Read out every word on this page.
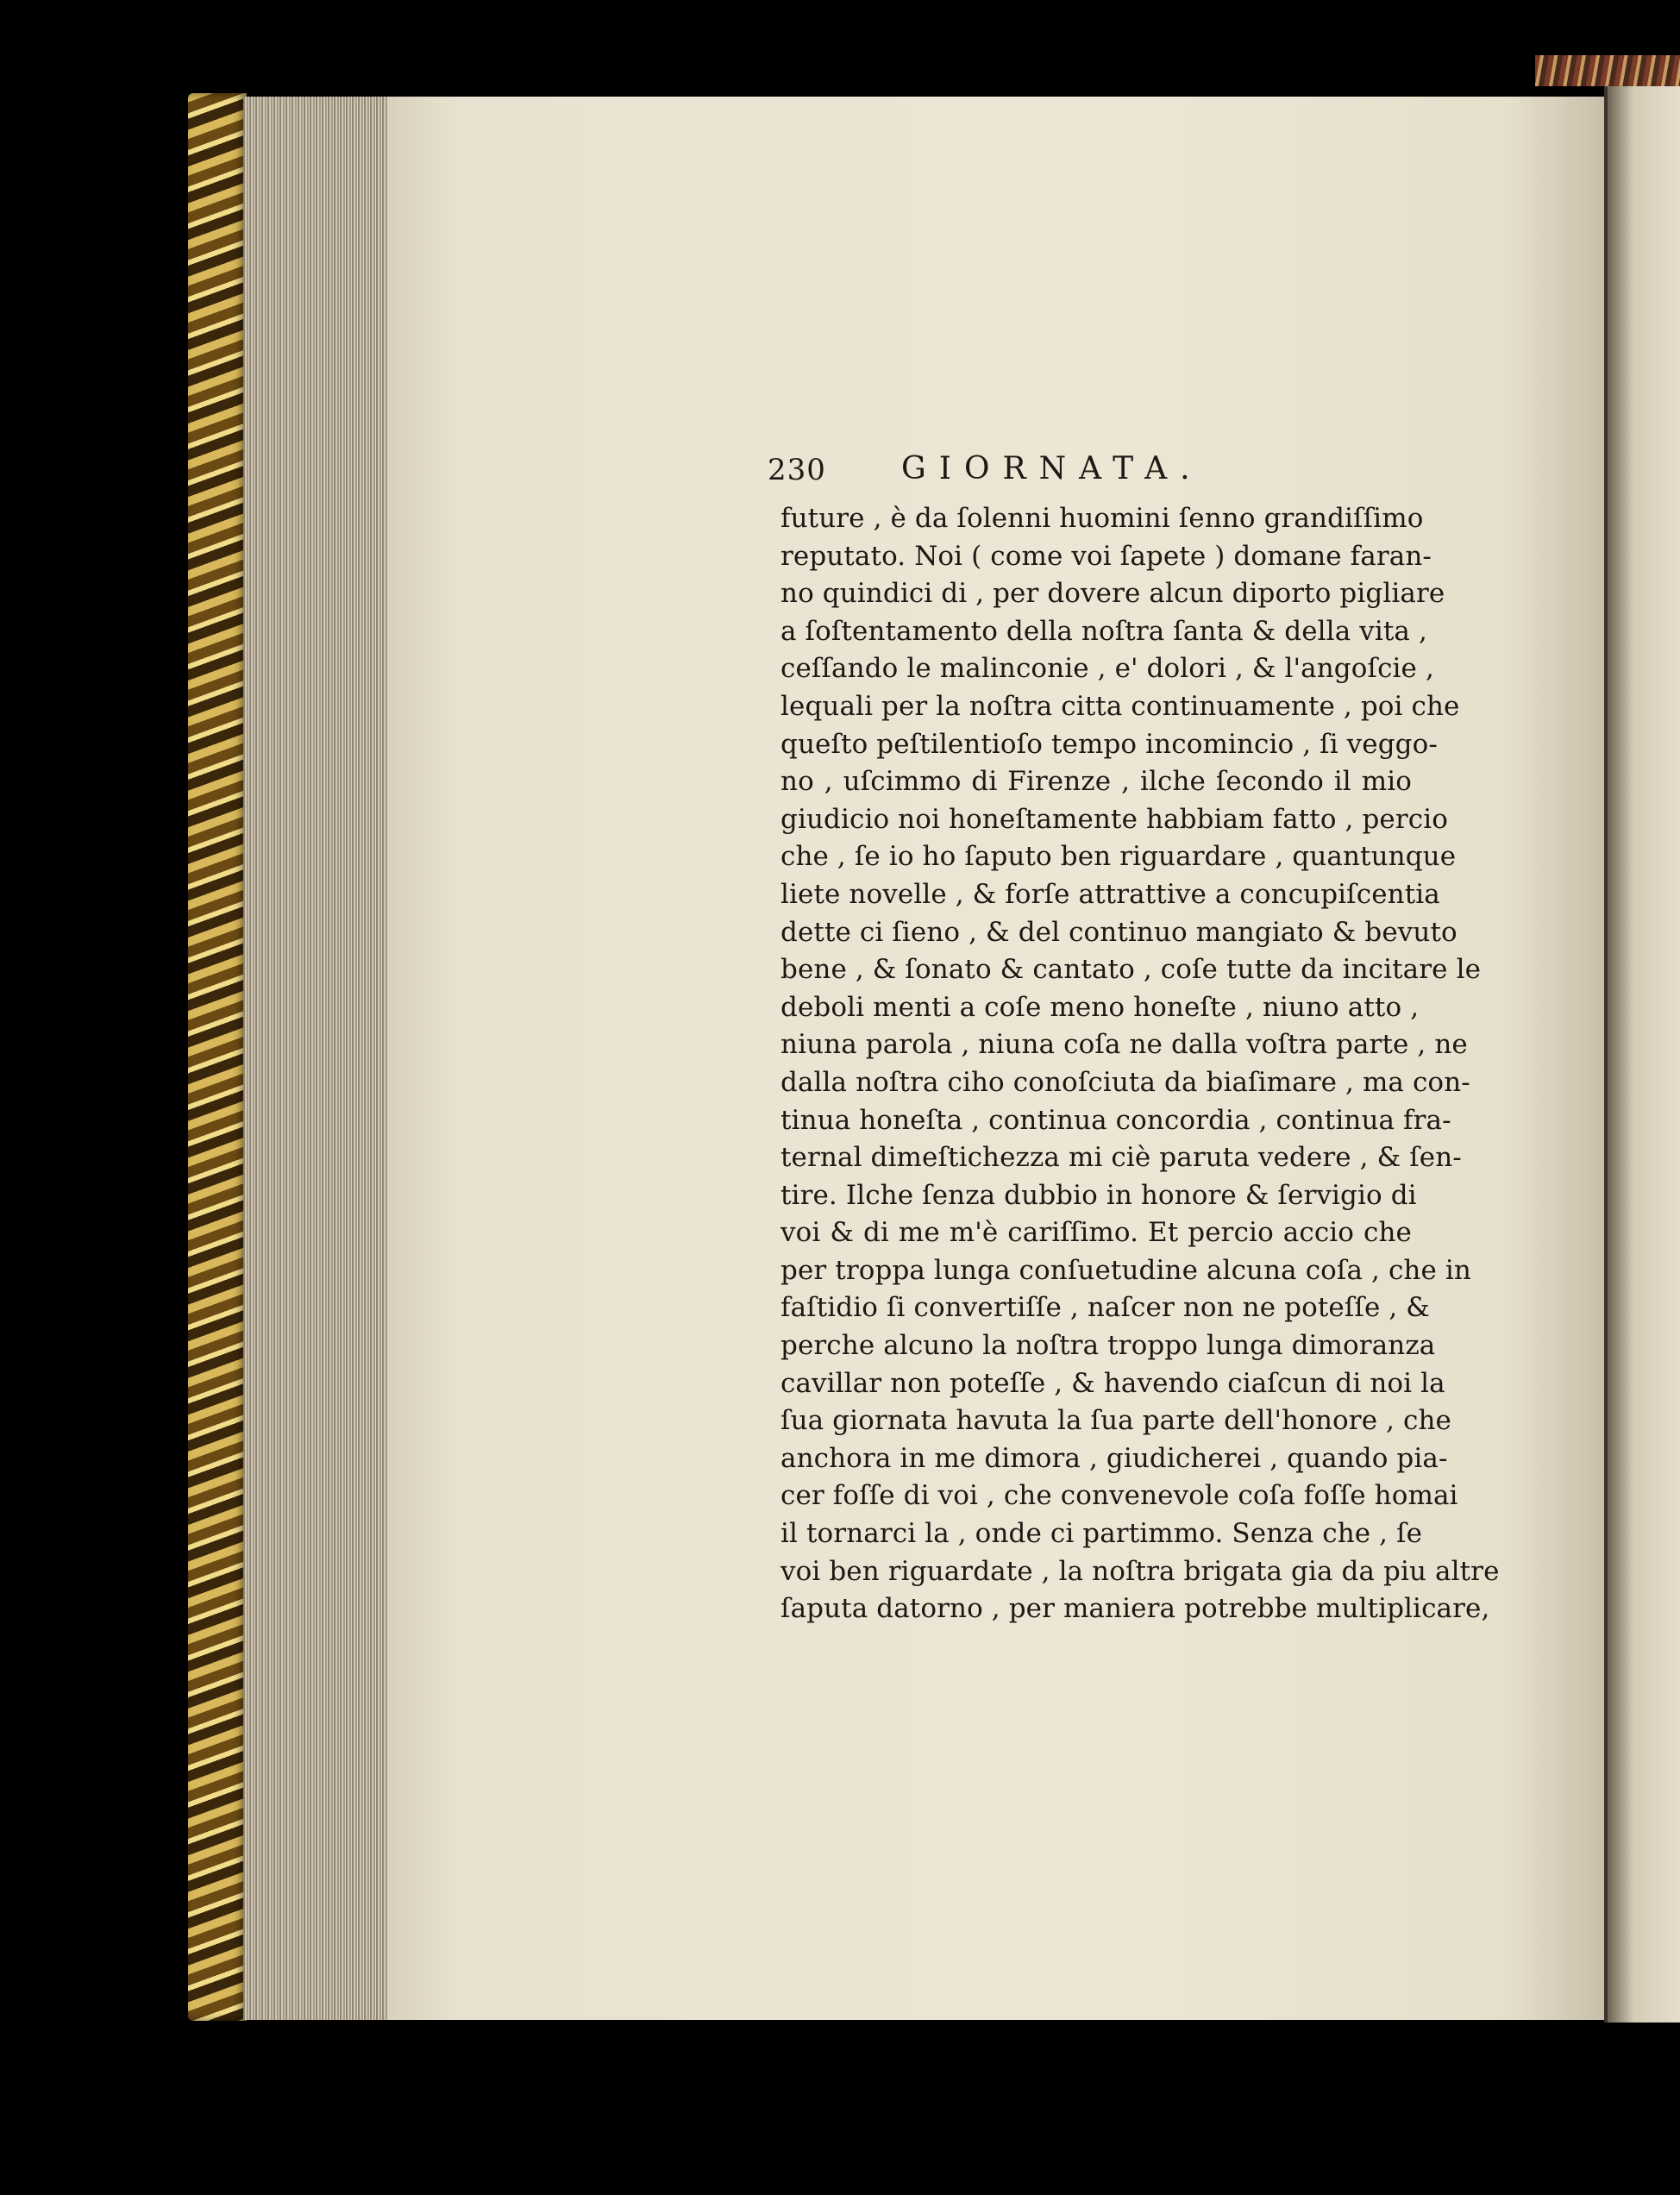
230 GIORNATA.
future , è da ſolenni huomini ſenno grandiſſimo
reputato. Noi ( come voi ſapete ) domane faran-
no quindici di , per dovere alcun diporto pigliare
a ſoſtentamento della noſtra ſanta & della vita ,
ceſſando le malinconie , e' dolori , & l'angoſcie ,
lequali per la noſtra citta continuamente , poi che
queſto peſtilentioſo tempo incomincio , ſi veggo-
no , uſcimmo di Firenze , ilche ſecondo il mio
giudicio noi honeſtamente habbiam fatto , percio
che , ſe io ho ſaputo ben riguardare , quantunque
liete novelle , & forſe attrattive a concupiſcentia
dette ci ſieno , & del continuo mangiato & bevuto
bene , & ſonato & cantato , coſe tutte da incitare le
deboli menti a coſe meno honeſte , niuno atto ,
niuna parola , niuna coſa ne dalla voſtra parte , ne
dalla noſtra ciho conoſciuta da biaſimare , ma con-
tinua honeſta , continua concordia , continua fra-
ternal dimeſtichezza mi ciè paruta vedere , & ſen-
tire. Ilche ſenza dubbio in honore & ſervigio di
voi & di me m'è cariſſimo. Et percio accio che
per troppa lunga conſuetudine alcuna coſa , che in
faſtidio ſi convertiſſe , naſcer non ne poteſſe , &
perche alcuno la noſtra troppo lunga dimoranza
cavillar non poteſſe , & havendo ciaſcun di noi la
ſua giornata havuta la ſua parte dell'honore , che
anchora in me dimora , giudicherei , quando pia-
cer foſſe di voi , che convenevole coſa foſſe homai
il tornarci la , onde ci partimmo. Senza che , ſe
voi ben riguardate , la noſtra brigata gia da piu altre
ſaputa datorno , per maniera potrebbe multiplicare,
